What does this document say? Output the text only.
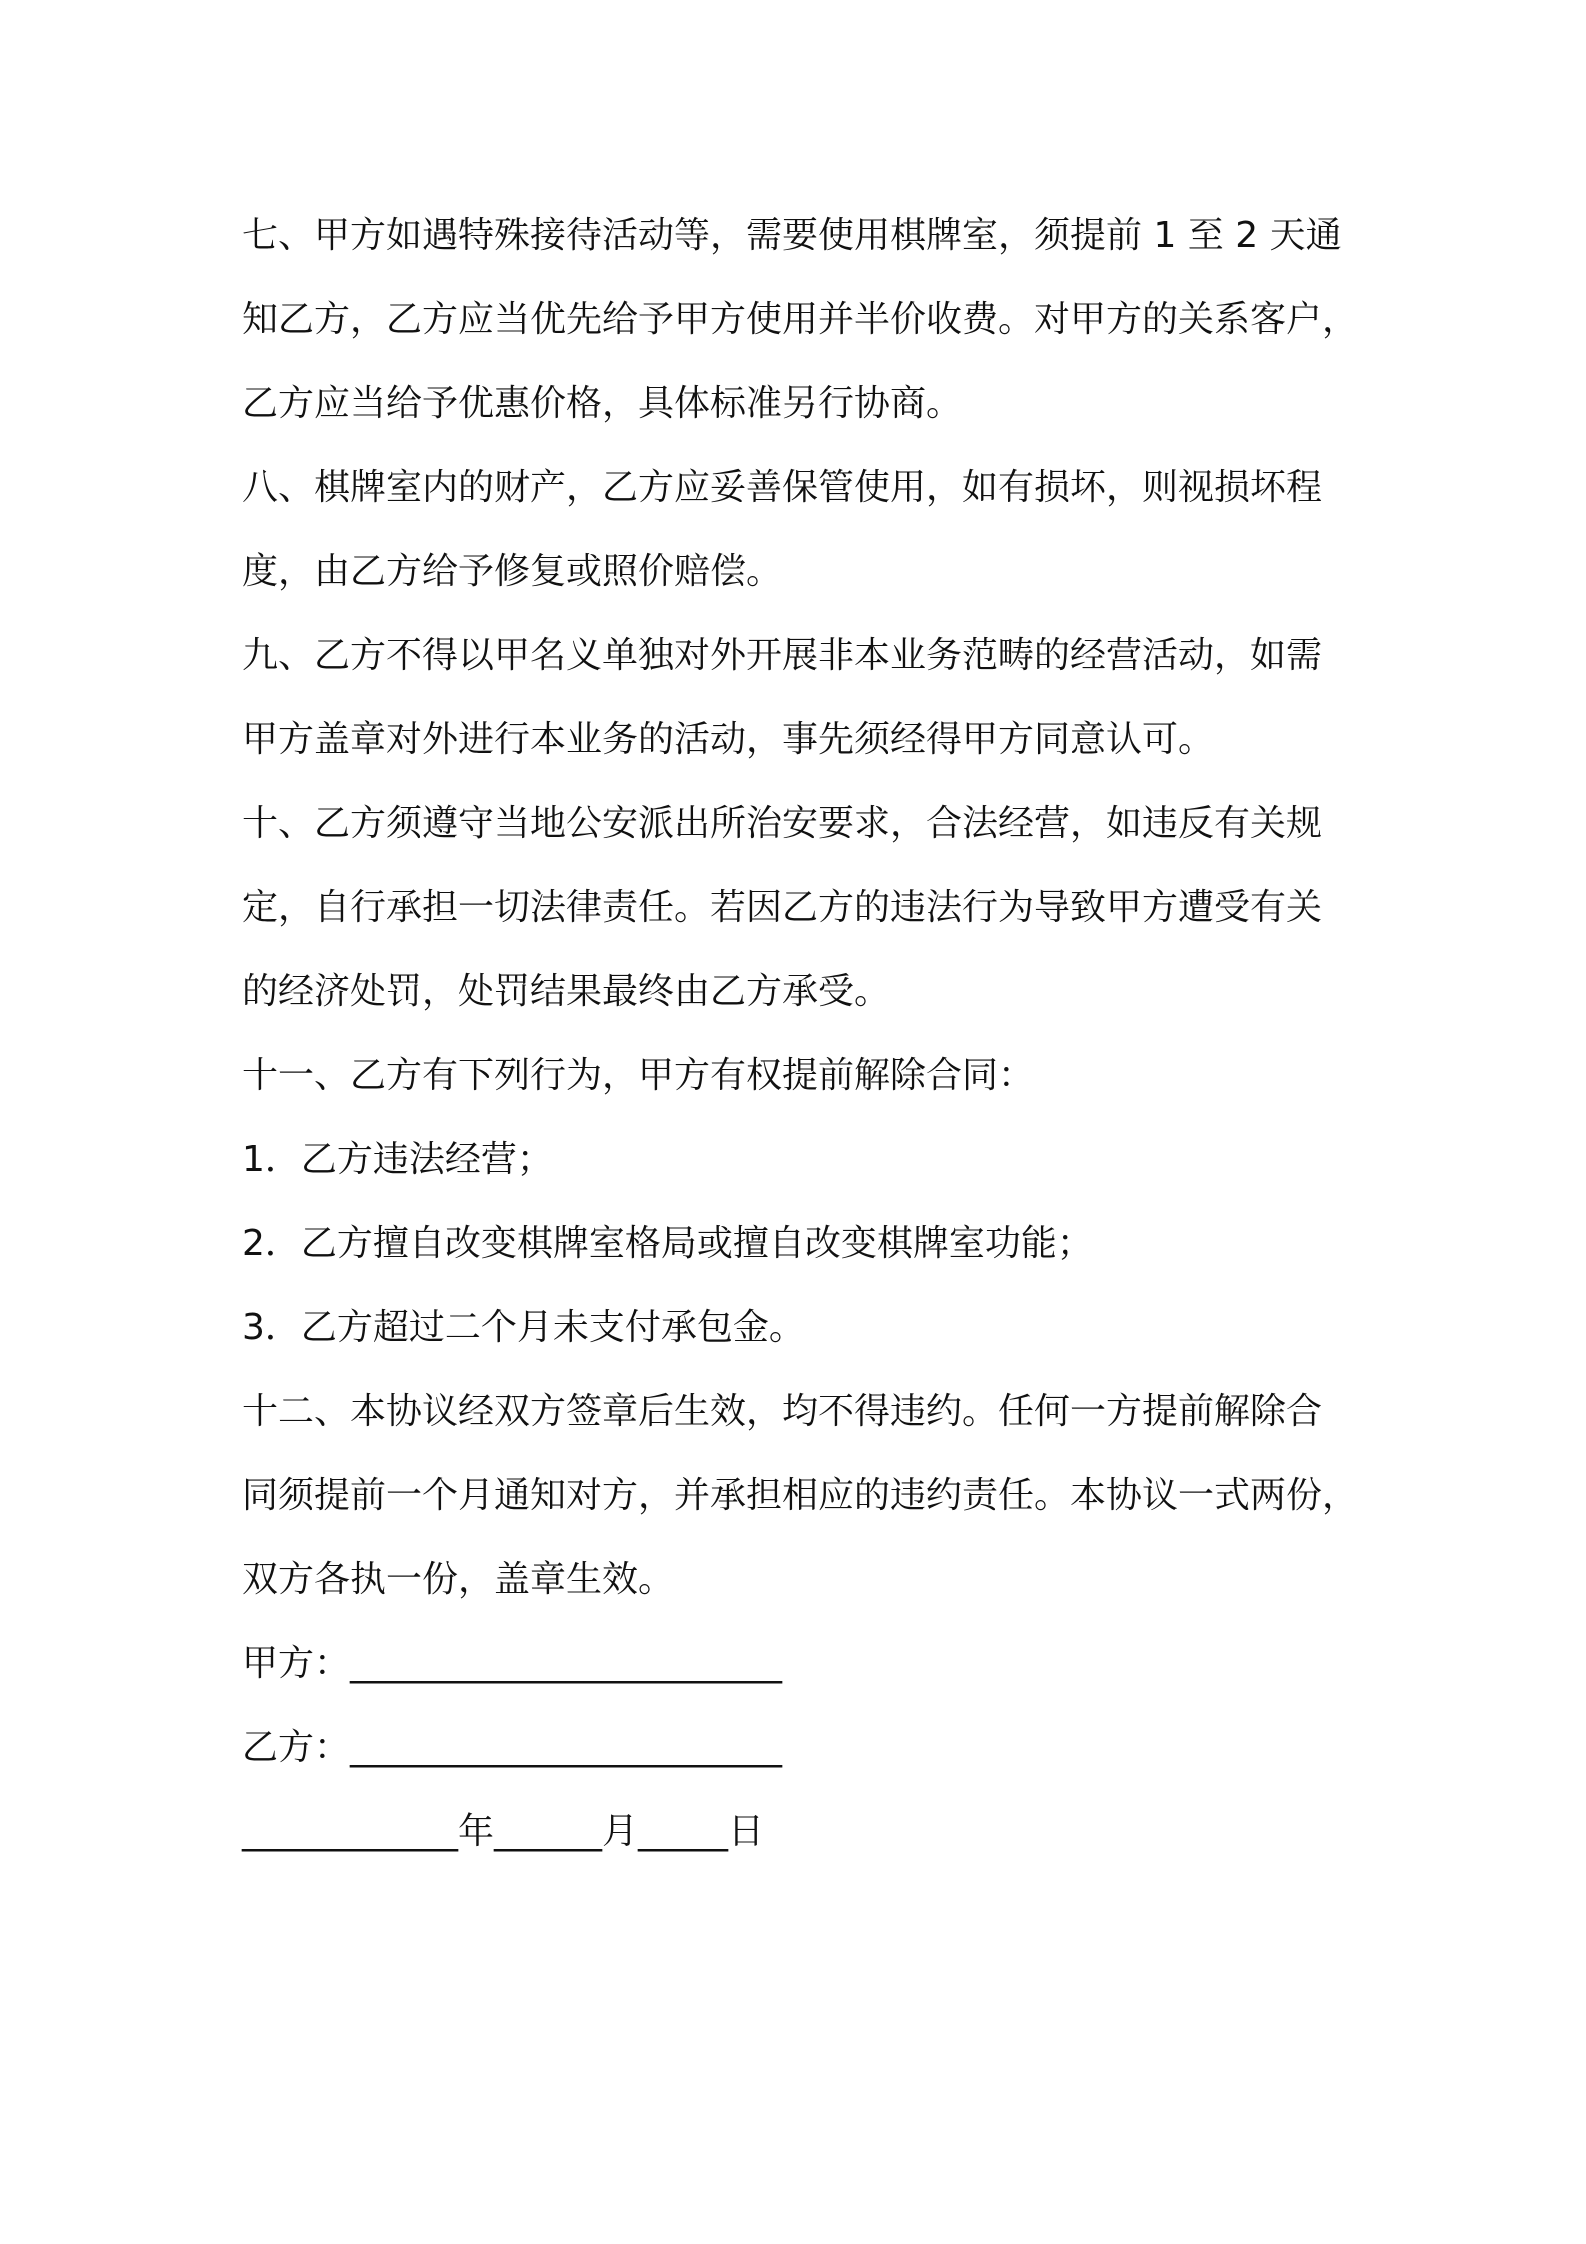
七、甲方如遇特殊接待活动等，需要使用棋牌室，须提前 1 至 2 天通
知乙方，乙方应当优先给予甲方使用并半价收费。对甲方的关系客户，
乙方应当给予优惠价格，具体标准另行协商。
八、棋牌室内的财产，乙方应妥善保管使用，如有损坏，则视损坏程
度，由乙方给予修复或照价赔偿。
九、乙方不得以甲名义单独对外开展非本业务范畴的经营活动，如需
甲方盖章对外进行本业务的活动，事先须经得甲方同意认可。
十、乙方须遵守当地公安派出所治安要求，合法经营，如违反有关规
定，自行承担一切法律责任。若因乙方的违法行为导致甲方遭受有关
的经济处罚，处罚结果最终由乙方承受。
十一、乙方有下列行为，甲方有权提前解除合同：
1．乙方违法经营；
2．乙方擅自改变棋牌室格局或擅自改变棋牌室功能；
3．乙方超过二个月未支付承包金。
十二、本协议经双方签章后生效，均不得违约。任何一方提前解除合
同须提前一个月通知对方，并承担相应的违约责任。本协议一式两份，
双方各执一份，盖章生效。
甲方：________________________
乙方：________________________
____________年______月_____日
